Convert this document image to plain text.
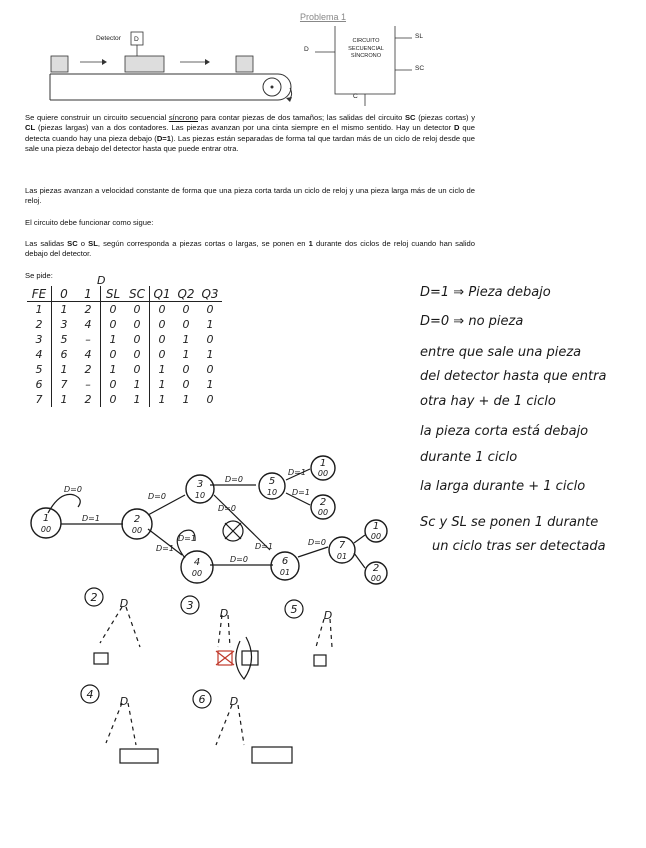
Problema 1
Detector D
D
CIRCUITO
SECUENCIAL
SÍNCRONO
SL
SC
C
Se quiere construir un circuito secuencial síncrono para contar piezas de dos tamaños; las salidas del circuito SC (piezas cortas) y CL (piezas largas) van a dos contadores. Las piezas avanzan por una cinta siempre en el mismo sentido. Hay un detector D que detecta cuando hay una pieza debajo (D=1). Las piezas están separadas de forma tal que tardan más de un ciclo de reloj desde que sale una pieza debajo del detector hasta que puede entrar otra.
Las piezas avanzan a velocidad constante de forma que una pieza corta tarda un ciclo de reloj y una pieza larga más de un ciclo de reloj.
El circuito debe funcionar como sigue:
Las salidas SC o SL, según corresponda a piezas cortas o largas, se ponen en 1 durante dos ciclos de reloj cuando han salido debajo del detector.
Se pide:	D
FE	0	1	SL	SC	Q1	Q2	Q3
1	1	2	0	0	0	0	0
2	3	4	0	0	0	0	1
3	5	–	1	0	0	1	0
4	6	4	0	0	0	1	1
5	1	2	1	0	1	0	0
6	7	–	0	1	1	0	1
7	1	2	0	1	1	1	0
D=1 ⇒ Pieza debajo
D=0 ⇒ no pieza
entre que sale una pieza
del detector hasta que entra
otra hay + de 1 ciclo
la pieza corta está debajo
durante 1 ciclo
la larga durante + 1 ciclo
Sc y SL se ponen 1 durante
un ciclo tras ser detectada
1
00
2
00
3
10
4
00
5
10
6
01
7
01
1
00
2
00
1
00
2
00
D=0
D=1
D=0
D=1
D=0
D=0
D=1
D=1
D=0
D=1
D=1
D=0
2
3	5
4	6
D
D	D
D	D
